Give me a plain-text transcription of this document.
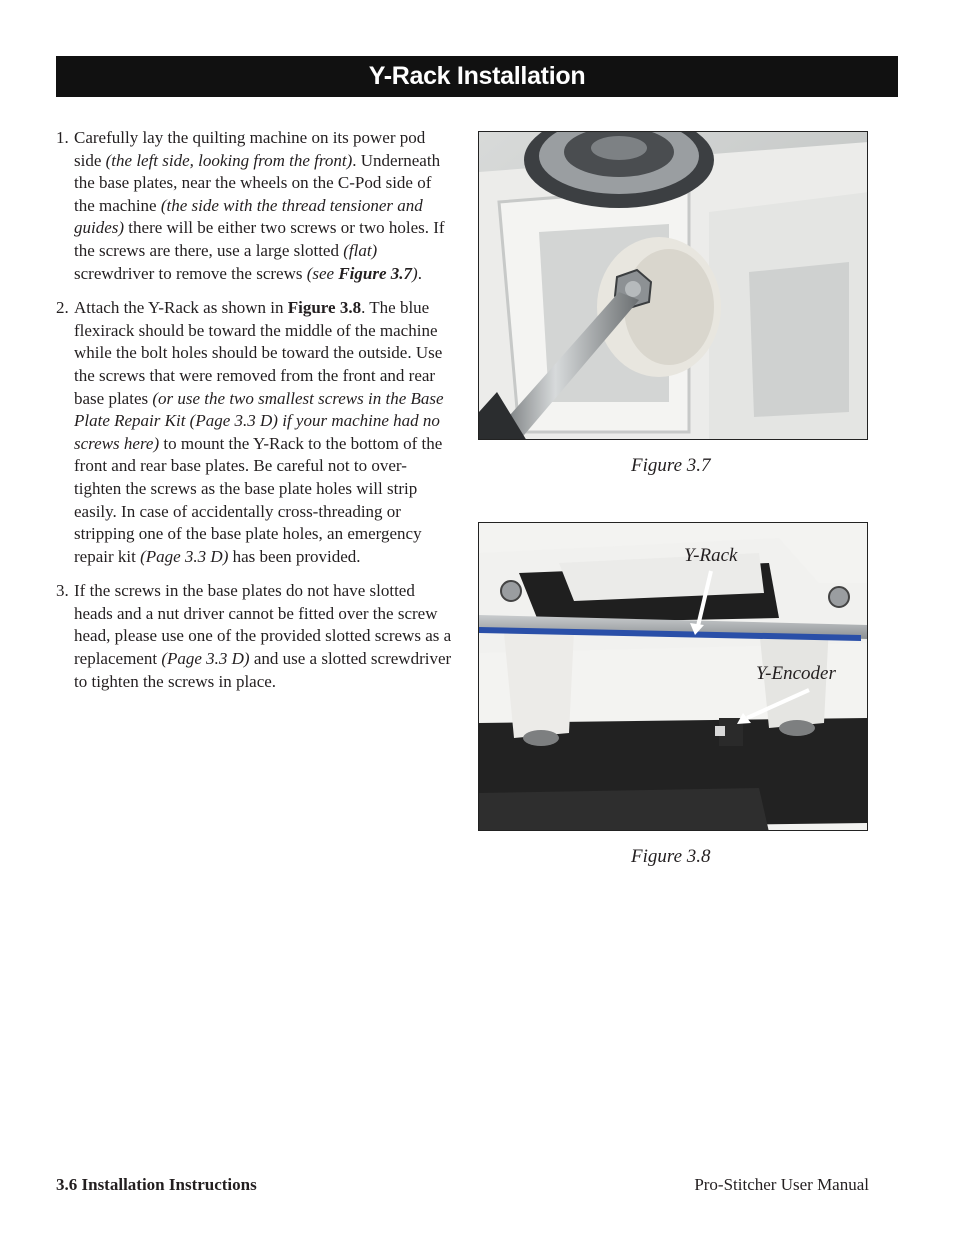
Y-Rack Installation
1. Carefully lay the quilting machine on its power pod side (the left side, looking from the front). Underneath the base plates, near the wheels on the C-Pod side of the machine (the side with the thread tensioner and guides) there will be either two screws or two holes. If the screws are there, use a large slotted (flat) screwdriver to remove the screws (see Figure 3.7).
2. Attach the Y-Rack as shown in Figure 3.8. The blue flexirack should be toward the middle of the machine while the bolt holes should be toward the outside. Use the screws that were removed from the front and rear base plates (or use the two smallest screws in the Base Plate Repair Kit (Page 3.3 D) if your machine had no screws here) to mount the Y-Rack to the bottom of the front and rear base plates. Be careful not to over-tighten the screws as the base plate holes will strip easily. In case of accidentally cross-threading or stripping one of the base plate holes, an emergency repair kit (Page 3.3 D) has been provided.
3. If the screws in the base plates do not have slotted heads and a nut driver cannot be fitted over the screw head, please use one of the provided slotted screws as a replacement (Page 3.3 D) and use a slotted screwdriver to tighten the screws in place.
Figure 3.7
Y-Rack
Y-Encoder
Figure 3.8
3.6 Installation Instructions	Pro-Stitcher User Manual
